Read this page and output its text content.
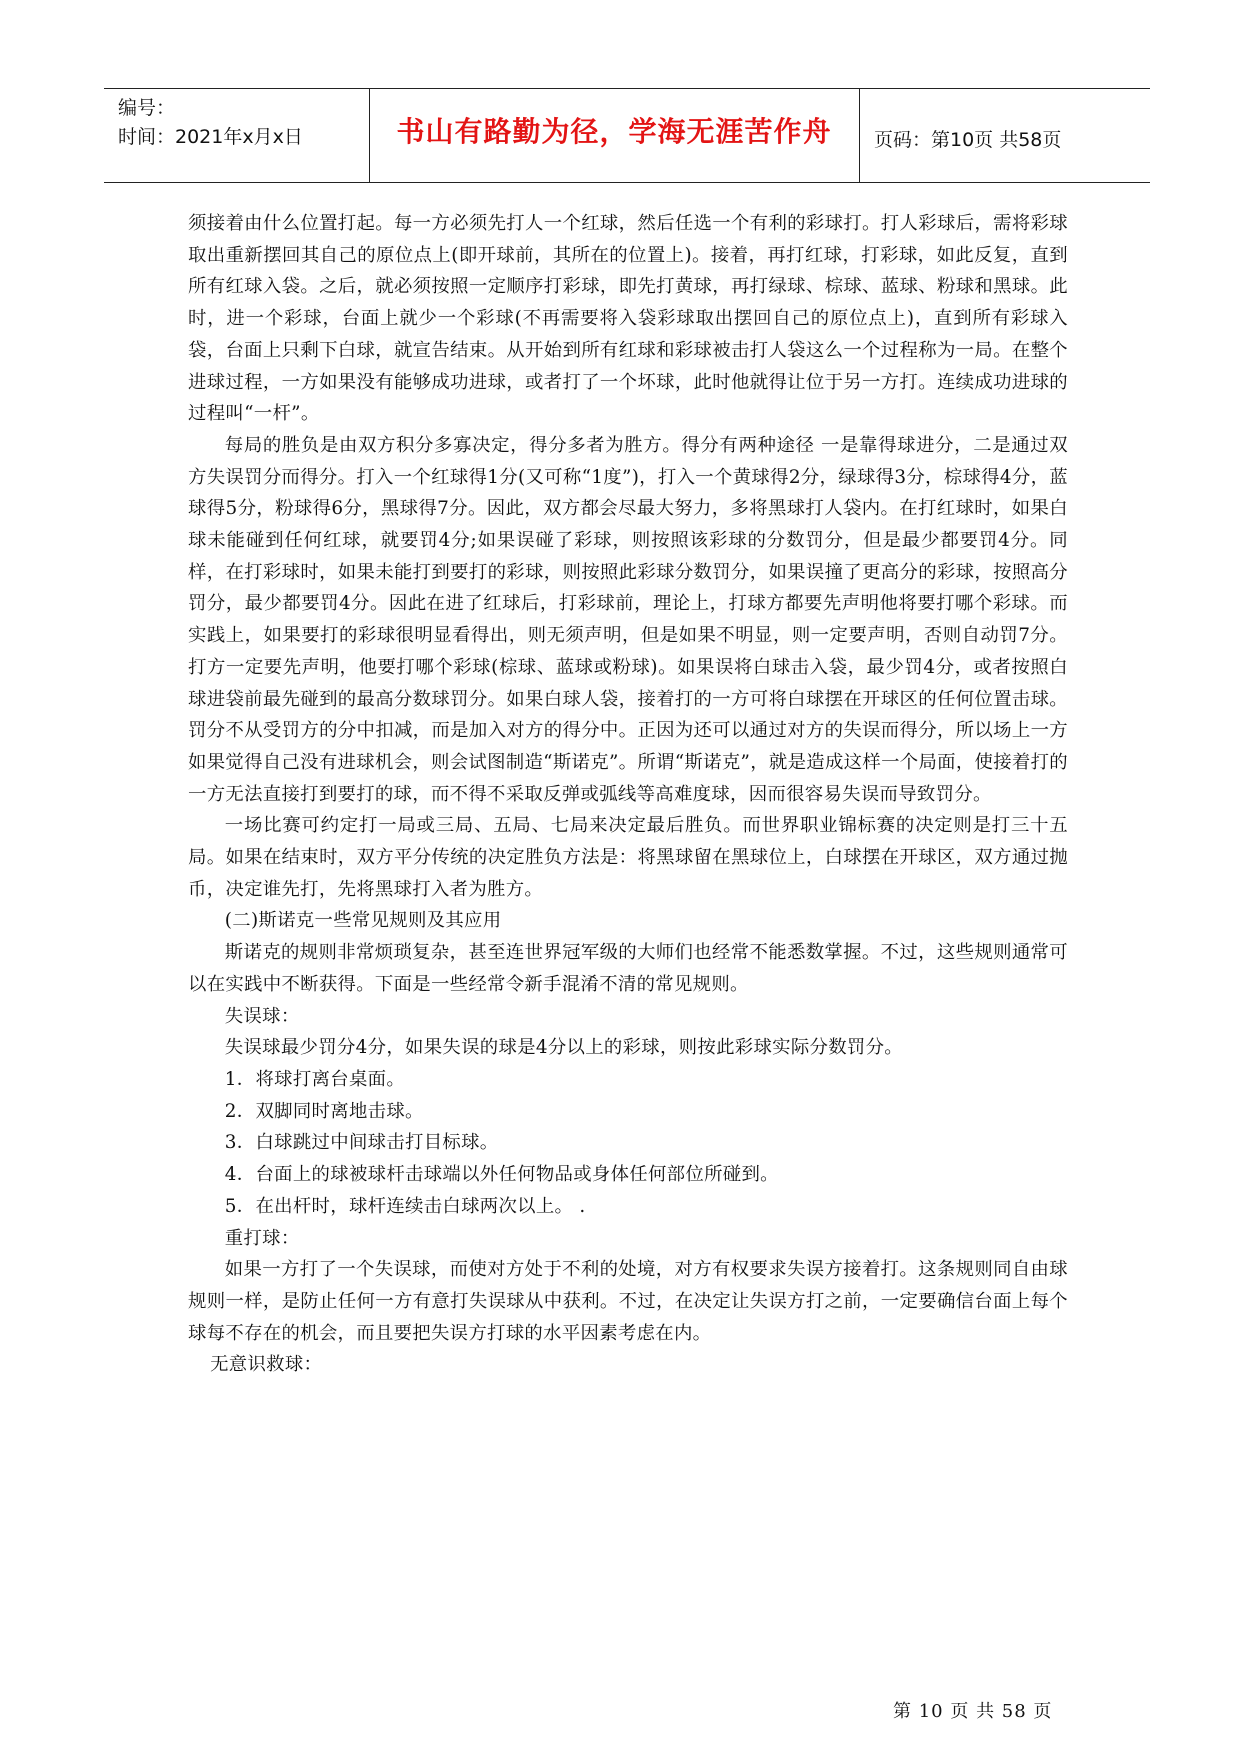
编号：
时间：2021年x月x日	书山有路勤为径，学海无涯苦作舟	页码：第10页 共58页

须接着由什么位置打起。每一方必须先打人一个红球，然后任选一个有利的彩球打。打人彩球后，需将彩球取出重新摆回其自己的原位点上(即开球前，其所在的位置上)。接着，再打红球，打彩球，如此反复，直到所有红球入袋。之后，就必须按照一定顺序打彩球，即先打黄球，再打绿球、棕球、蓝球、粉球和黑球。此时，进一个彩球，台面上就少一个彩球(不再需要将入袋彩球取出摆回自己的原位点上)，直到所有彩球入袋，台面上只剩下白球，就宣告结束。从开始到所有红球和彩球被击打人袋这么一个过程称为一局。在整个进球过程，一方如果没有能够成功进球，或者打了一个坏球，此时他就得让位于另一方打。连续成功进球的过程叫“一杆”。

每局的胜负是由双方积分多寡决定，得分多者为胜方。得分有两种途径 一是靠得球进分，二是通过双方失误罚分而得分。打入一个红球得1分(又可称“1度”)，打入一个黄球得2分，绿球得3分，棕球得4分，蓝球得5分，粉球得6分，黑球得7分。因此，双方都会尽最大努力，多将黑球打人袋内。在打红球时，如果白球未能碰到任何红球，就要罚4分;如果误碰了彩球，则按照该彩球的分数罚分，但是最少都要罚4分。同样，在打彩球时，如果未能打到要打的彩球，则按照此彩球分数罚分，如果误撞了更高分的彩球，按照高分罚分，最少都要罚4分。因此在进了红球后，打彩球前，理论上，打球方都要先声明他将要打哪个彩球。而实践上，如果要打的彩球很明显看得出，则无须声明，但是如果不明显，则一定要声明，否则自动罚7分。打方一定要先声明，他要打哪个彩球(棕球、蓝球或粉球)。如果误将白球击入袋，最少罚4分，或者按照白球进袋前最先碰到的最高分数球罚分。如果白球人袋，接着打的一方可将白球摆在开球区的任何位置击球。罚分不从受罚方的分中扣减，而是加入对方的得分中。正因为还可以通过对方的失误而得分，所以场上一方如果觉得自己没有进球机会，则会试图制造“斯诺克”。所谓“斯诺克”，就是造成这样一个局面，使接着打的一方无法直接打到要打的球，而不得不采取反弹或弧线等高难度球，因而很容易失误而导致罚分。

一场比赛可约定打一局或三局、五局、七局来决定最后胜负。而世界职业锦标赛的决定则是打三十五局。如果在结束时，双方平分传统的决定胜负方法是：将黑球留在黑球位上，白球摆在开球区，双方通过抛币，决定谁先打，先将黑球打入者为胜方。

(二)斯诺克一些常见规则及其应用

斯诺克的规则非常烦琐复杂，甚至连世界冠军级的大师们也经常不能悉数掌握。不过，这些规则通常可以在实践中不断获得。下面是一些经常令新手混淆不清的常见规则。

失误球：

失误球最少罚分4分，如果失误的球是4分以上的彩球，则按此彩球实际分数罚分。

1．将球打离台桌面。

2．双脚同时离地击球。

3．白球跳过中间球击打目标球。

4．台面上的球被球杆击球端以外任何物品或身体任何部位所碰到。

5．在出杆时，球杆连续击白球两次以上。 .

重打球：

如果一方打了一个失误球，而使对方处于不利的处境，对方有权要求失误方接着打。这条规则同自由球规则一样，是防止任何一方有意打失误球从中获利。不过，在决定让失误方打之前，一定要确信台面上每个球每不存在的机会，而且要把失误方打球的水平因素考虑在内。

无意识救球：

第 10 页 共 58 页
